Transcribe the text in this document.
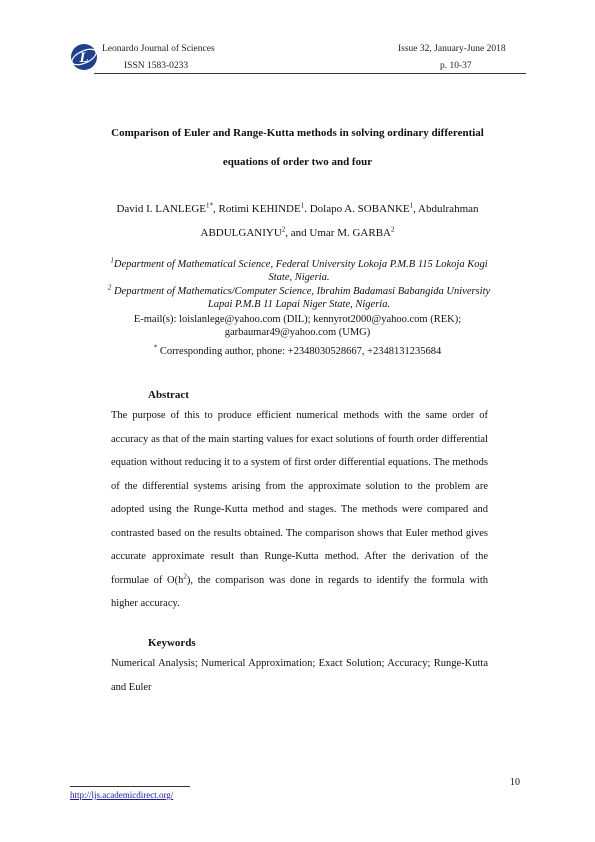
L
Leonardo Journal of Sciences
ISSN 1583-0233
Issue 32, January-June 2018
p. 10-37
Comparison of Euler and Range-Kutta methods in solving ordinary differential
equations of order two and four
David I. $LANLEGE^{1*}$, Rotimi KEHINDE$^1$. Dolapo A. SOBANKE$^1$, Abdulrahman
ABDULGANIYU$^2$, and Umar M. GARBA$^2$
$^1$Department of Mathematical Science, Federal University Lokoja P.M.B 115 Lokoja Kogi
State, Nigeria.
$^2$ Department of Mathematics/Computer Science, Ibrahim Badamasi Babangida University
Lapai P.M.B 11 Lapai Niger State, Nigeria.
E-mail(s): loislanlege@yahoo.com (DIL); kennyrot2000@yahoo.com (REK);
garbaumar49@yahoo.com (UMG)
* Corresponding author, phone: +2348030528667, +2348131235684
Abstract

The purpose of this to produce efficient numerical methods with the same order of accuracy as that of the main starting values for exact solutions of fourth order differential equation without reducing it to a system of first order differential equations. The methods of the differential systems arising from the approximate solution to the problem are adopted using the Runge-Kutta method and stages. The methods were compared and contrasted based on the results obtained. The comparison shows that Euler method gives accurate approximate result than Runge-Kutta method. After the derivation of the formulae of $O(h^2)$, the comparison was done in regards to identify the formula with higher accuracy.

Keywords

Numerical Analysis; Numerical Approximation; Exact Solution; Accuracy; Runge-Kutta and Euler

10
http://ljs.academicdirect.org/
